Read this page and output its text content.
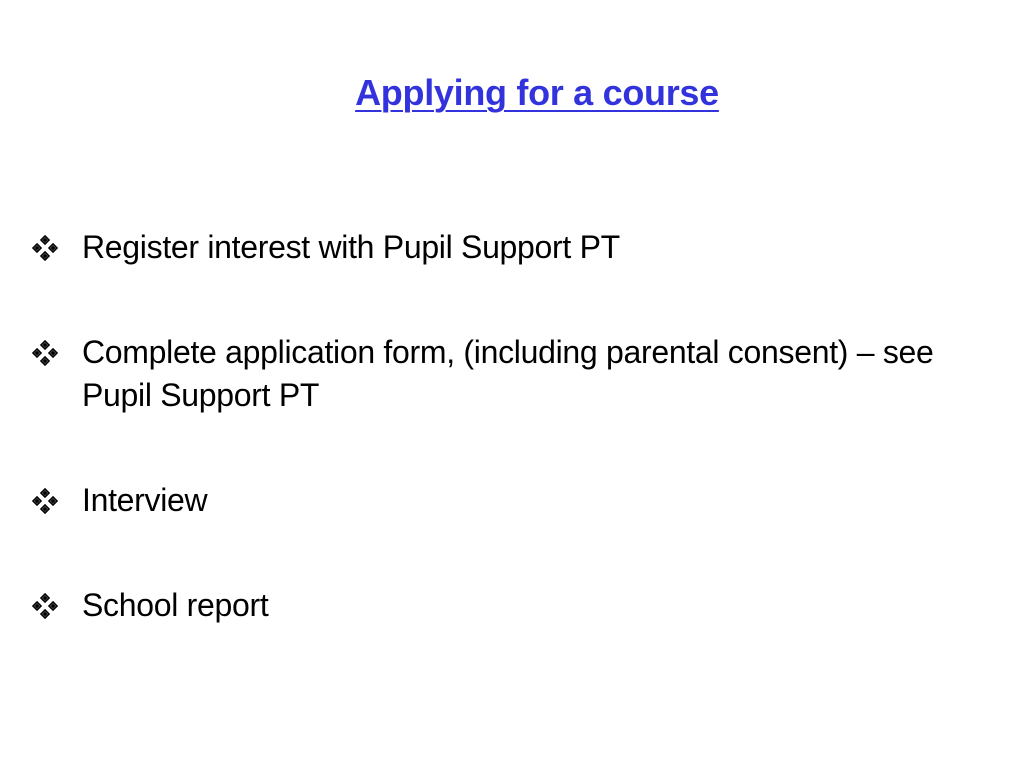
Applying for a course
Register interest with Pupil Support PT
Complete application form, (including parental consent) – see Pupil Support PT
Interview
School report
